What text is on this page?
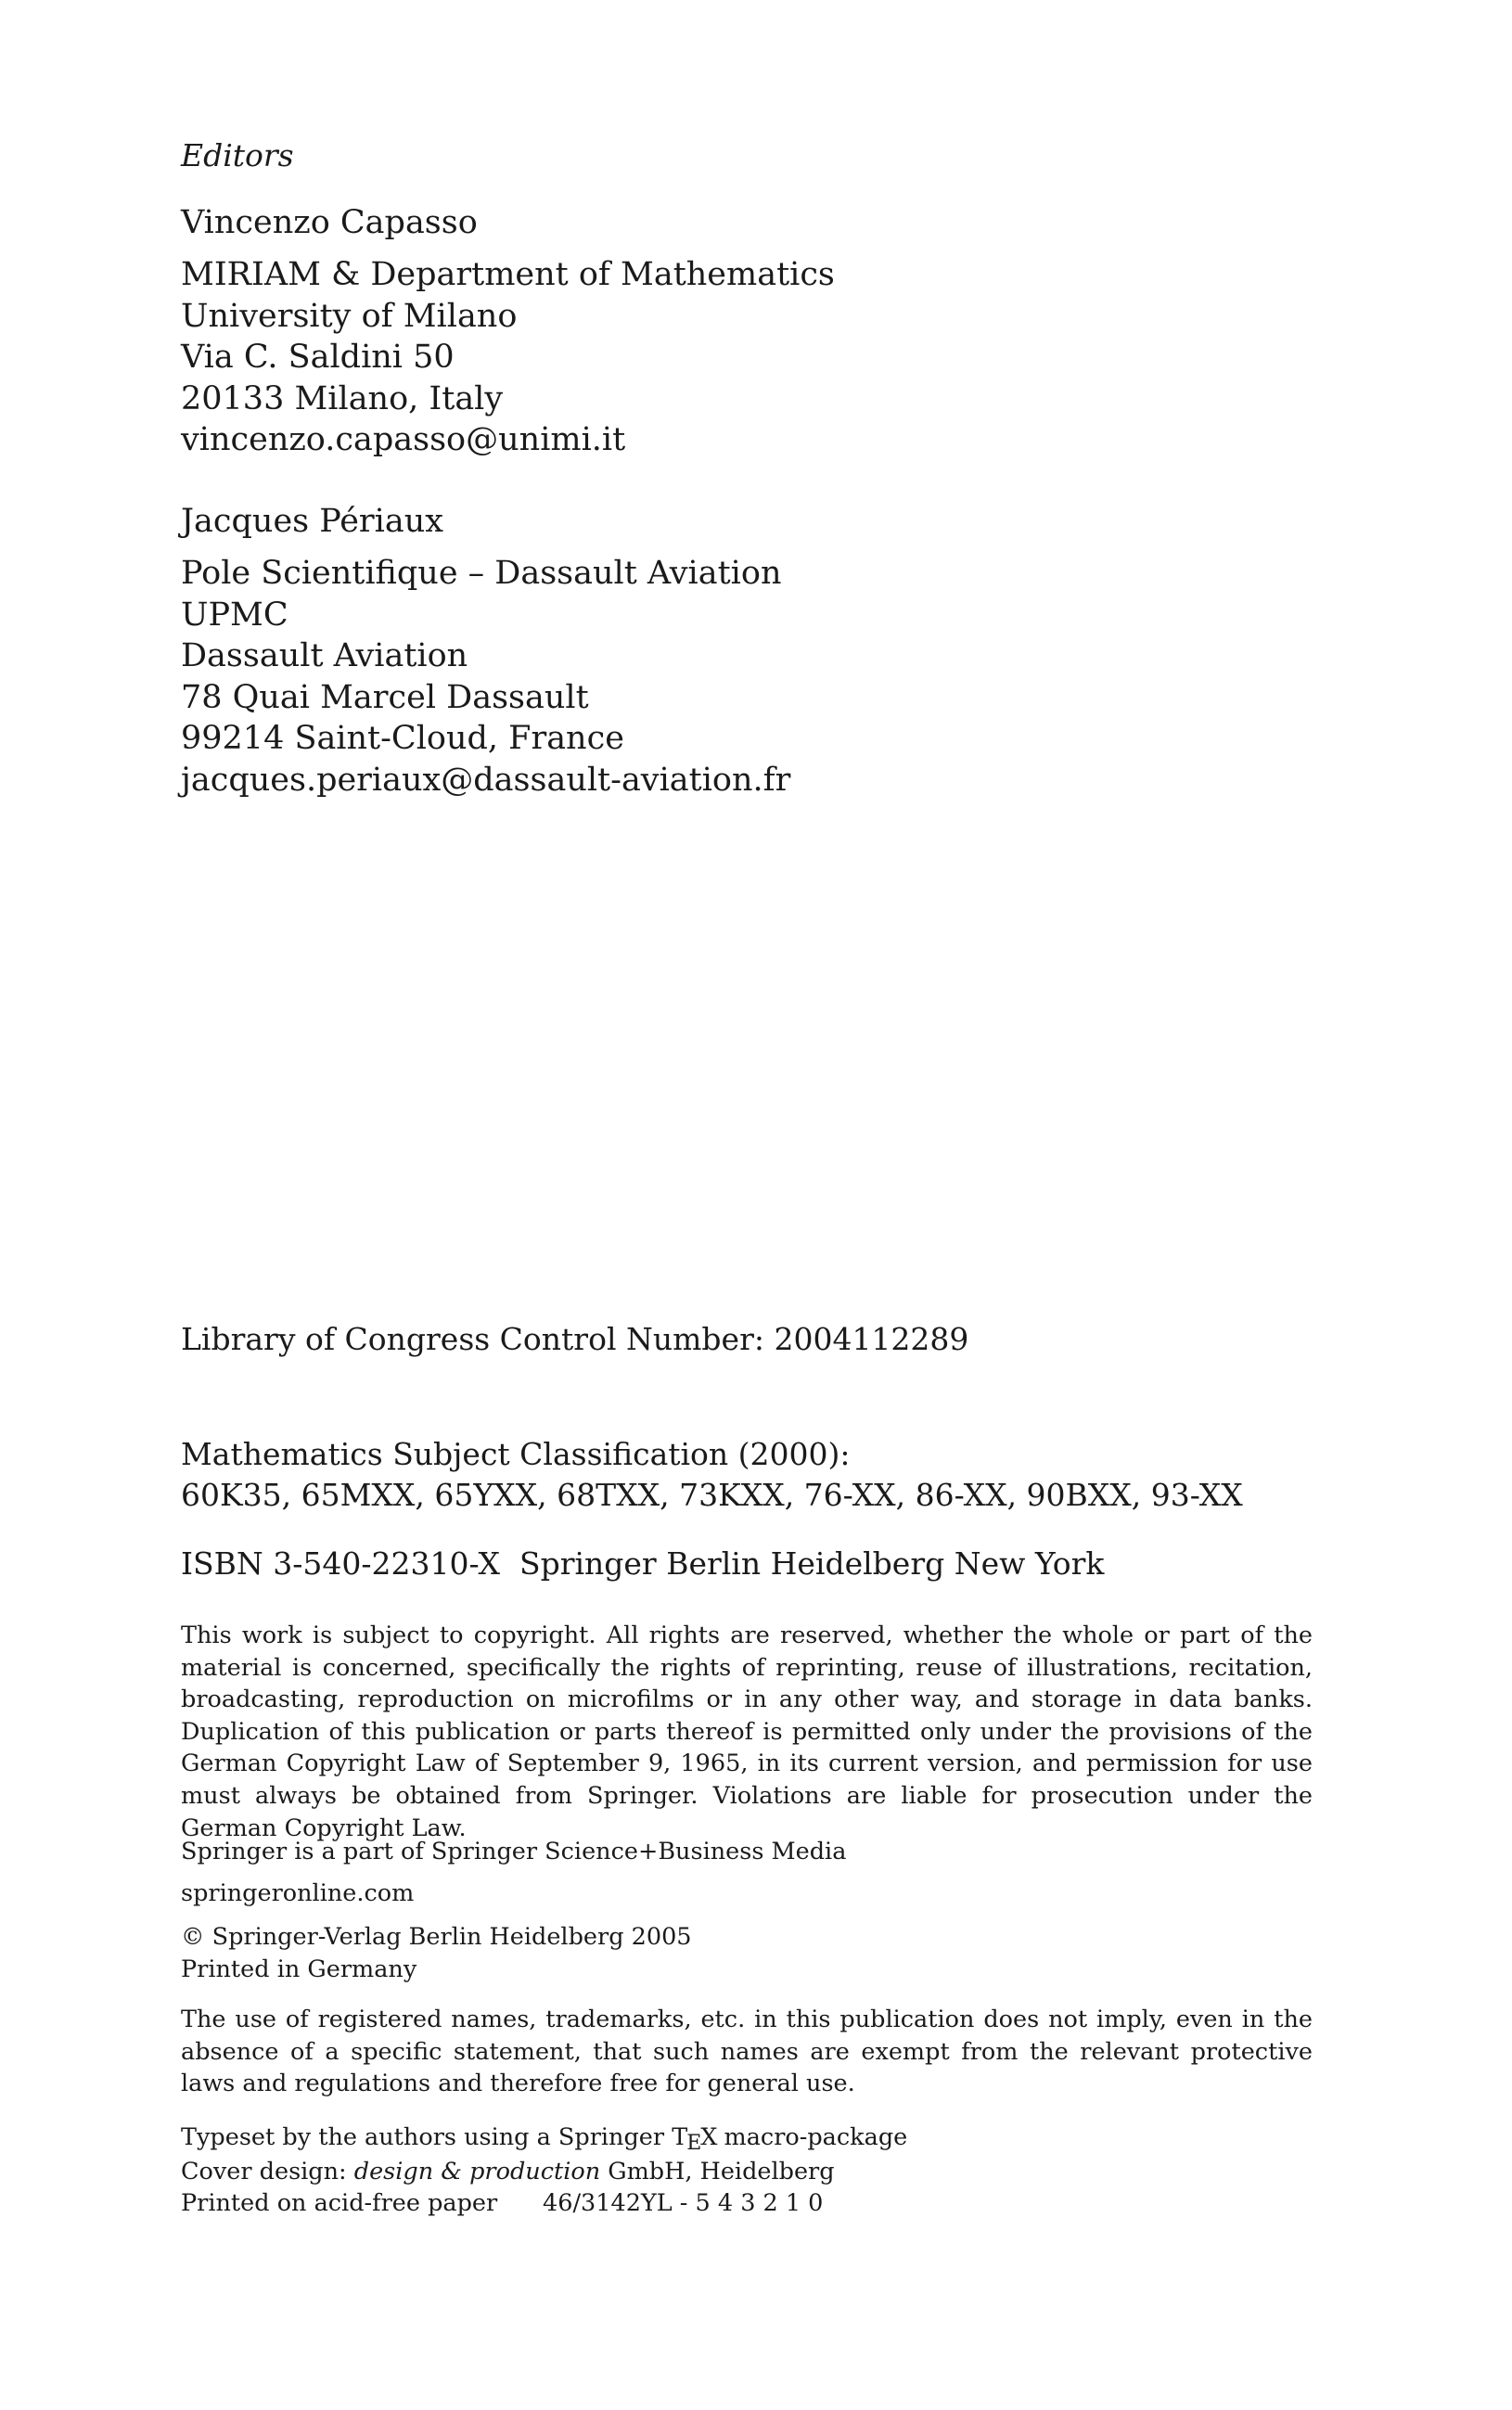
Editors
Vincenzo Capasso
MIRIAM & Department of Mathematics
University of Milano
Via C. Saldini 50
20133 Milano, Italy
vincenzo.capasso@unimi.it
Jacques Périaux
Pole Scientifique – Dassault Aviation
UPMC
Dassault Aviation
78 Quai Marcel Dassault
99214 Saint-Cloud, France
jacques.periaux@dassault-aviation.fr
Library of Congress Control Number: 2004112289
Mathematics Subject Classification (2000):
60K35, 65MXX, 65YXX, 68TXX, 73KXX, 76-XX, 86-XX, 90BXX, 93-XX
ISBN 3-540-22310-X  Springer Berlin Heidelberg New York
This work is subject to copyright. All rights are reserved, whether the whole or part of the material is concerned, specifically the rights of reprinting, reuse of illustrations, recitation, broadcasting, reproduction on microfilms or in any other way, and storage in data banks. Duplication of this publication or parts thereof is permitted only under the provisions of the German Copyright Law of September 9, 1965, in its current version, and permission for use must always be obtained from Springer. Violations are liable for prosecution under the German Copyright Law.
Springer is a part of Springer Science+Business Media
springeronline.com
© Springer-Verlag Berlin Heidelberg 2005
Printed in Germany
The use of registered names, trademarks, etc. in this publication does not imply, even in the absence of a specific statement, that such names are exempt from the relevant protective laws and regulations and therefore free for general use.
Typeset by the authors using a Springer TEX macro-package
Cover design: design & production GmbH, Heidelberg
Printed on acid-free paper	46/3142YL - 5 4 3 2 1 0
